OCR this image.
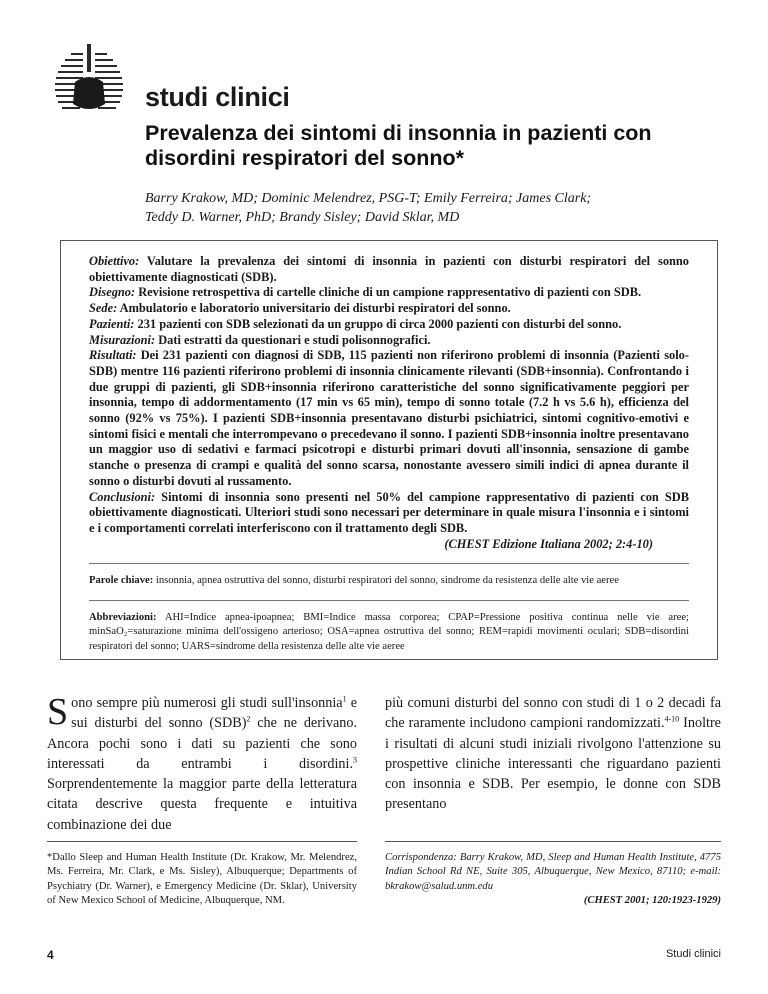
studi clinici
Prevalenza dei sintomi di insonnia in pazienti con disordini respiratori del sonno*
Barry Krakow, MD; Dominic Melendrez, PSG-T; Emily Ferreira; James Clark;
Teddy D. Warner, PhD; Brandy Sisley; David Sklar, MD

Obiettivo: Valutare la prevalenza dei sintomi di insonnia in pazienti con disturbi respiratori del sonno obiettivamente diagnosticati (SDB).
Disegno: Revisione retrospettiva di cartelle cliniche di un campione rappresentativo di pazienti con SDB.
Sede: Ambulatorio e laboratorio universitario dei disturbi respiratori del sonno.
Pazienti: 231 pazienti con SDB selezionati da un gruppo di circa 2000 pazienti con disturbi del sonno.
Misurazioni: Dati estratti da questionari e studi polisonnografici.
Risultati: Dei 231 pazienti con diagnosi di SDB, 115 pazienti non riferirono problemi di insonnia (Pazienti solo-SDB) mentre 116 pazienti riferirono problemi di insonnia clinicamente rilevanti (SDB+insonnia). Confrontando i due gruppi di pazienti, gli SDB+insonnia riferirono caratteristiche del sonno significativamente peggiori per insonnia, tempo di addormentamento (17 min vs 65 min), tempo di sonno totale (7.2 h vs 5.6 h), efficienza del sonno (92% vs 75%). I pazienti SDB+insonnia presentavano disturbi psichiatrici, sintomi cognitivo-emotivi e sintomi fisici e mentali che interrompevano o precedevano il sonno. I pazienti SDB+insonnia inoltre presentavano un maggior uso di sedativi e farmaci psicotropi e disturbi primari dovuti all'insonnia, sensazione di gambe stanche o presenza di crampi e qualità del sonno scarsa, nonostante avessero simili indici di apnea durante il sonno o disturbi dovuti al russamento.
Conclusioni: Sintomi di insonnia sono presenti nel 50% del campione rappresentativo di pazienti con SDB obiettivamente diagnosticati. Ulteriori studi sono necessari per determinare in quale misura l'insonnia e i sintomi e i comportamenti correlati interferiscono con il trattamento degli SDB.

(CHEST Edizione Italiana 2002; 2:4-10)

Parole chiave: insonnia, apnea ostruttiva del sonno, disturbi respiratori del sonno, sindrome da resistenza delle alte vie aeree

Abbreviazioni: AHI=Indice apnea-ipoapnea; BMI=Indice massa corporea; CPAP=Pressione positiva continua nelle vie aree; minSaO₂=saturazione minima dell'ossigeno arterioso; OSA=apnea ostruttiva del sonno; REM=rapidi movimenti oculari; SDB=disordini respiratori del sonno; UARS=sindrome della resistenza delle alte vie aeree

Sono sempre più numerosi gli studi sull'insonnia$^1$ e sui disturbi del sonno (SDB)$^2$ che ne derivano. Ancora pochi sono i dati su pazienti che sono interessati da entrambi i disordini.$^3$ Sorprendentemente la maggior parte della letteratura citata descrive questa frequente e intuitiva combinazione dei due

più comuni disturbi del sonno con studi di 1 o 2 decadi fa che raramente includono campioni randomizzati.$^{4-10}$ Inoltre i risultati di alcuni studi iniziali rivolgono l'attenzione su prospettive cliniche interessanti che riguardano pazienti con insonnia e SDB. Per esempio, le donne con SDB presentano

*Dallo Sleep and Human Health Institute (Dr. Krakow, Mr. Melendrez, Ms. Ferreira, Mr. Clark, e Ms. Sisley), Albuquerque; Departments of Psychiatry (Dr. Warner), e Emergency Medicine (Dr. Sklar), University of New Mexico School of Medicine, Albuquerque, NM.
Corrispondenza: Barry Krakow, MD, Sleep and Human Health Institute, 4775 Indian School Rd NE, Suite 305, Albuquerque, New Mexico, 87110; e-mail: bkrakow@salud.unm.edu
(CHEST 2001; 120:1923-1929)
4	Studi clinici
